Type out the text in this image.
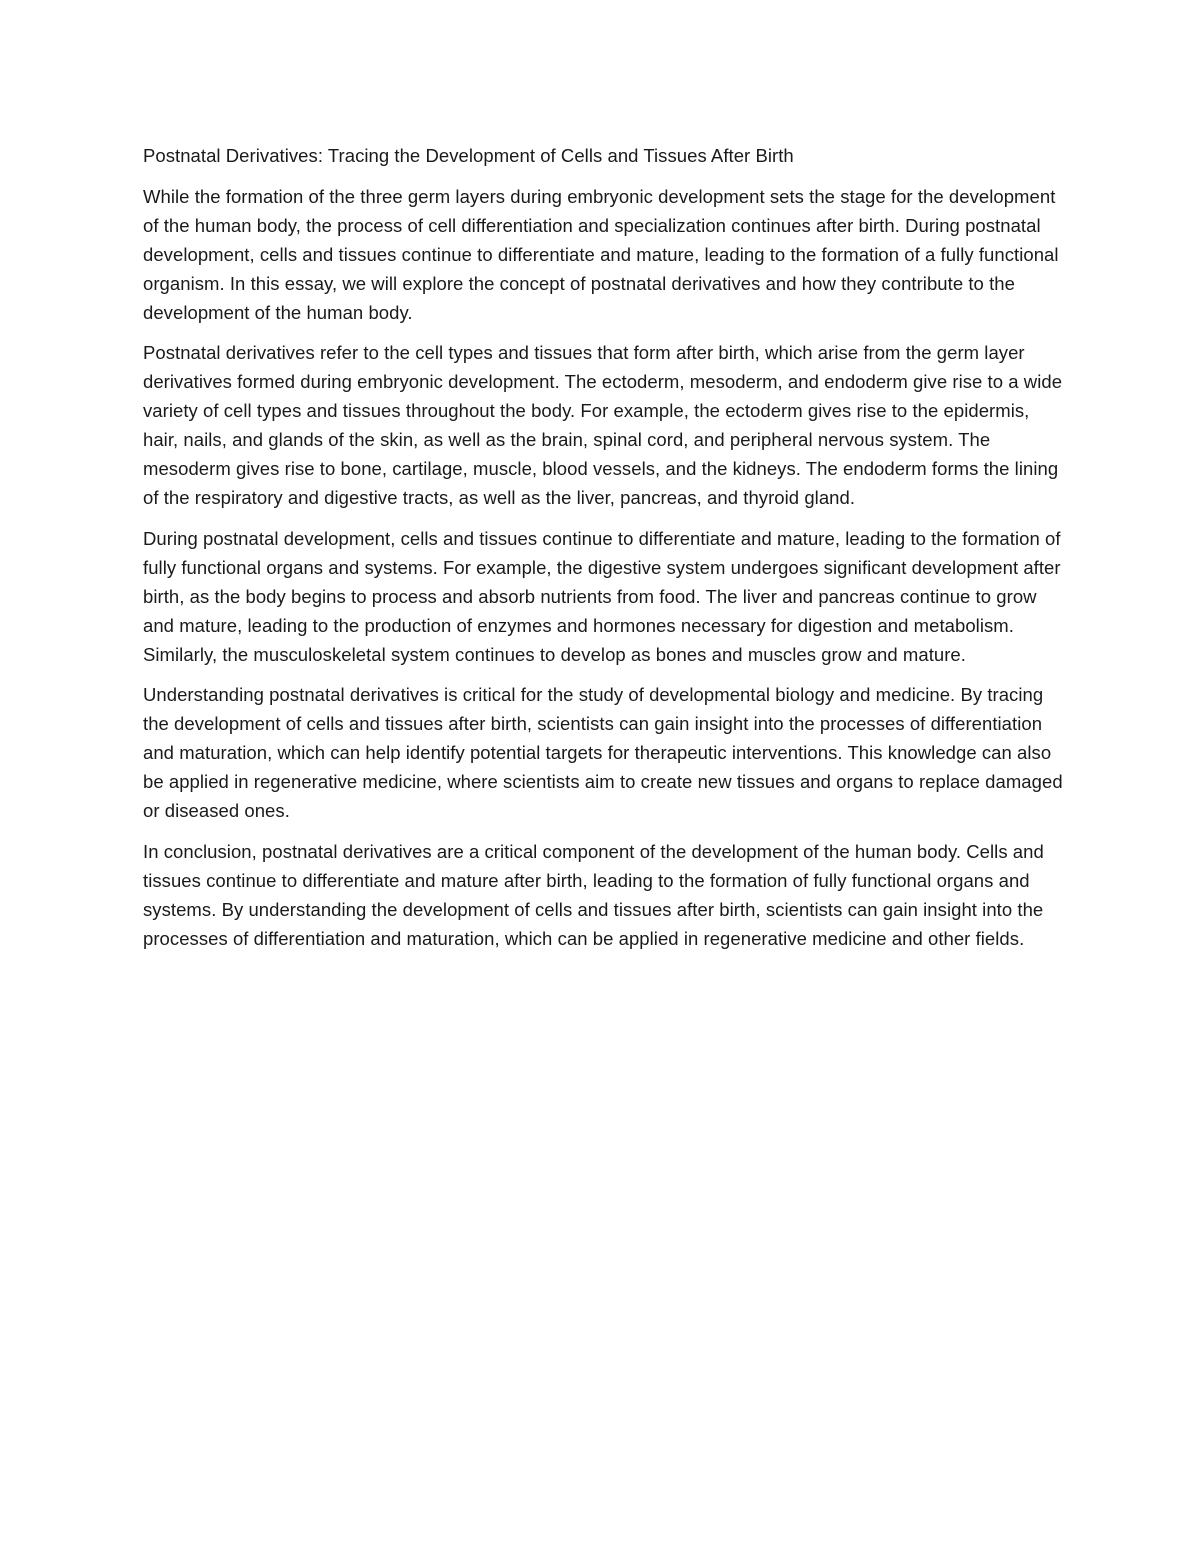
Postnatal Derivatives: Tracing the Development of Cells and Tissues After Birth

While the formation of the three germ layers during embryonic development sets the stage for the development of the human body, the process of cell differentiation and specialization continues after birth. During postnatal development, cells and tissues continue to differentiate and mature, leading to the formation of a fully functional organism. In this essay, we will explore the concept of postnatal derivatives and how they contribute to the development of the human body.

Postnatal derivatives refer to the cell types and tissues that form after birth, which arise from the germ layer derivatives formed during embryonic development. The ectoderm, mesoderm, and endoderm give rise to a wide variety of cell types and tissues throughout the body. For example, the ectoderm gives rise to the epidermis, hair, nails, and glands of the skin, as well as the brain, spinal cord, and peripheral nervous system. The mesoderm gives rise to bone, cartilage, muscle, blood vessels, and the kidneys. The endoderm forms the lining of the respiratory and digestive tracts, as well as the liver, pancreas, and thyroid gland.

During postnatal development, cells and tissues continue to differentiate and mature, leading to the formation of fully functional organs and systems. For example, the digestive system undergoes significant development after birth, as the body begins to process and absorb nutrients from food. The liver and pancreas continue to grow and mature, leading to the production of enzymes and hormones necessary for digestion and metabolism. Similarly, the musculoskeletal system continues to develop as bones and muscles grow and mature.

Understanding postnatal derivatives is critical for the study of developmental biology and medicine. By tracing the development of cells and tissues after birth, scientists can gain insight into the processes of differentiation and maturation, which can help identify potential targets for therapeutic interventions. This knowledge can also be applied in regenerative medicine, where scientists aim to create new tissues and organs to replace damaged or diseased ones.

In conclusion, postnatal derivatives are a critical component of the development of the human body. Cells and tissues continue to differentiate and mature after birth, leading to the formation of fully functional organs and systems. By understanding the development of cells and tissues after birth, scientists can gain insight into the processes of differentiation and maturation, which can be applied in regenerative medicine and other fields.
